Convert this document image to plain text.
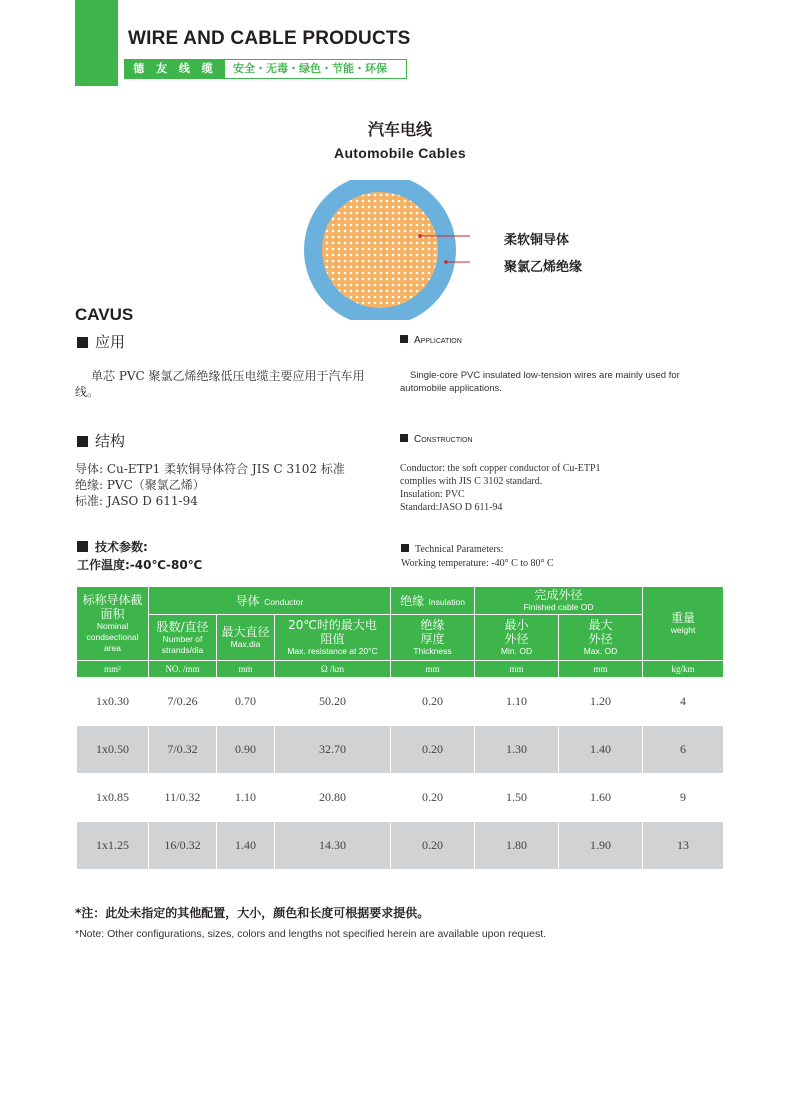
WIRE AND CABLE PRODUCTS
德 友 线 缆	安全・无毒・绿色・节能・环保
汽车电线
Automobile Cables
柔软铜导体
聚氯乙烯绝缘
CAVUS
应用	Application
单芯 PVC 聚氯乙烯绝缘低压电缆主要应用于汽车用线。
Single-core PVC insulated low-tension wires are mainly used for automobile applications.
结构	Construction
导体: Cu-ETP1 柔软铜导体符合 JIS C 3102 标准
绝缘: PVC（聚氯乙烯）
标准: JASO D 611-94
Conductor: the soft copper conductor of Cu-ETP1
complies with JIS C 3102 standard.
Insulation: PVC
Standard:JASO D 611-94
技术参数:
工作温度:-40℃-80℃
Technical Parameters:
Working temperature: -40° C to 80° C
标称导体截面积
Nominal condsectional area	导体 Conductor			绝缘 Insulation	完成外径
Finished cable OD		重量
weight

	股数/直径
Number of strands/dia	最大直径
Max.dia	20℃时的最大电阻值
Max. resistance at 20°C	绝缘厚度
Thickness	最小外径
Min. OD	最大外径
Max. OD	

mm²	NO. /mm	mm	Ω /km	mm	mm	mm	kg/km
1x0.30	7/0.26	0.70	50.20	0.20	1.10	1.20	4
1x0.50	7/0.32	0.90	32.70	0.20	1.30	1.40	6
1x0.85	11/0.32	1.10	20.80	0.20	1.50	1.60	9
1x1.25	16/0.32	1.40	14.30	0.20	1.80	1.90	13
*注：此处未指定的其他配置，大小，颜色和长度可根据要求提供。
*Note: Other configurations, sizes, colors and lengths not specified herein are available upon request.
